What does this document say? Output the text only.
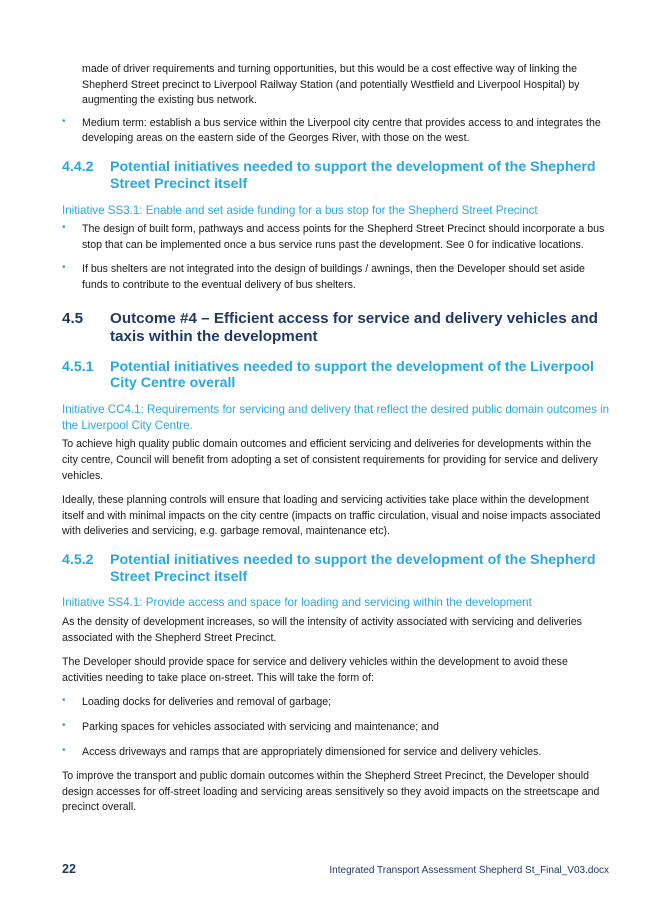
made of driver requirements and turning opportunities, but this would be a cost effective way of linking the Shepherd Street precinct to Liverpool Railway Station (and potentially Westfield and Liverpool Hospital) by augmenting the existing bus network.

• Medium term: establish a bus service within the Liverpool city centre that provides access to and integrates the developing areas on the eastern side of the Georges River, with those on the west.

4.4.2	Potential initiatives needed to support the development of the Shepherd Street Precinct itself

Initiative SS3.1: Enable and set aside funding for a bus stop for the Shepherd Street Precinct

• The design of built form, pathways and access points for the Shepherd Street Precinct should incorporate a bus stop that can be implemented once a bus service runs past the development. See 0 for indicative locations.

• If bus shelters are not integrated into the design of buildings / awnings, then the Developer should set aside funds to contribute to the eventual delivery of bus shelters.

4.5	Outcome #4 – Efficient access for service and delivery vehicles and taxis within the development
4.5.1	Potential initiatives needed to support the development of the Liverpool City Centre overall

Initiative CC4.1: Requirements for servicing and delivery that reflect the desired public domain outcomes in the Liverpool City Centre.

To achieve high quality public domain outcomes and efficient servicing and deliveries for developments within the city centre, Council will benefit from adopting a set of consistent requirements for providing for service and delivery vehicles.

Ideally, these planning controls will ensure that loading and servicing activities take place within the development itself and with minimal impacts on the city centre (impacts on traffic circulation, visual and noise impacts associated with deliveries and servicing, e.g. garbage removal, maintenance etc).

4.5.2	Potential initiatives needed to support the development of the Shepherd Street Precinct itself

Initiative SS4.1: Provide access and space for loading and servicing within the development

As the density of development increases, so will the intensity of activity associated with servicing and deliveries associated with the Shepherd Street Precinct.

The Developer should provide space for service and delivery vehicles within the development to avoid these activities needing to take place on-street. This will take the form of:

• Loading docks for deliveries and removal of garbage;

• Parking spaces for vehicles associated with servicing and maintenance; and

• Access driveways and ramps that are appropriately dimensioned for service and delivery vehicles.

To improve the transport and public domain outcomes within the Shepherd Street Precinct, the Developer should design accesses for off-street loading and servicing areas sensitively so they avoid impacts on the streetscape and precinct overall.

22	Integrated Transport Assessment Shepherd St_Final_V03.docx
